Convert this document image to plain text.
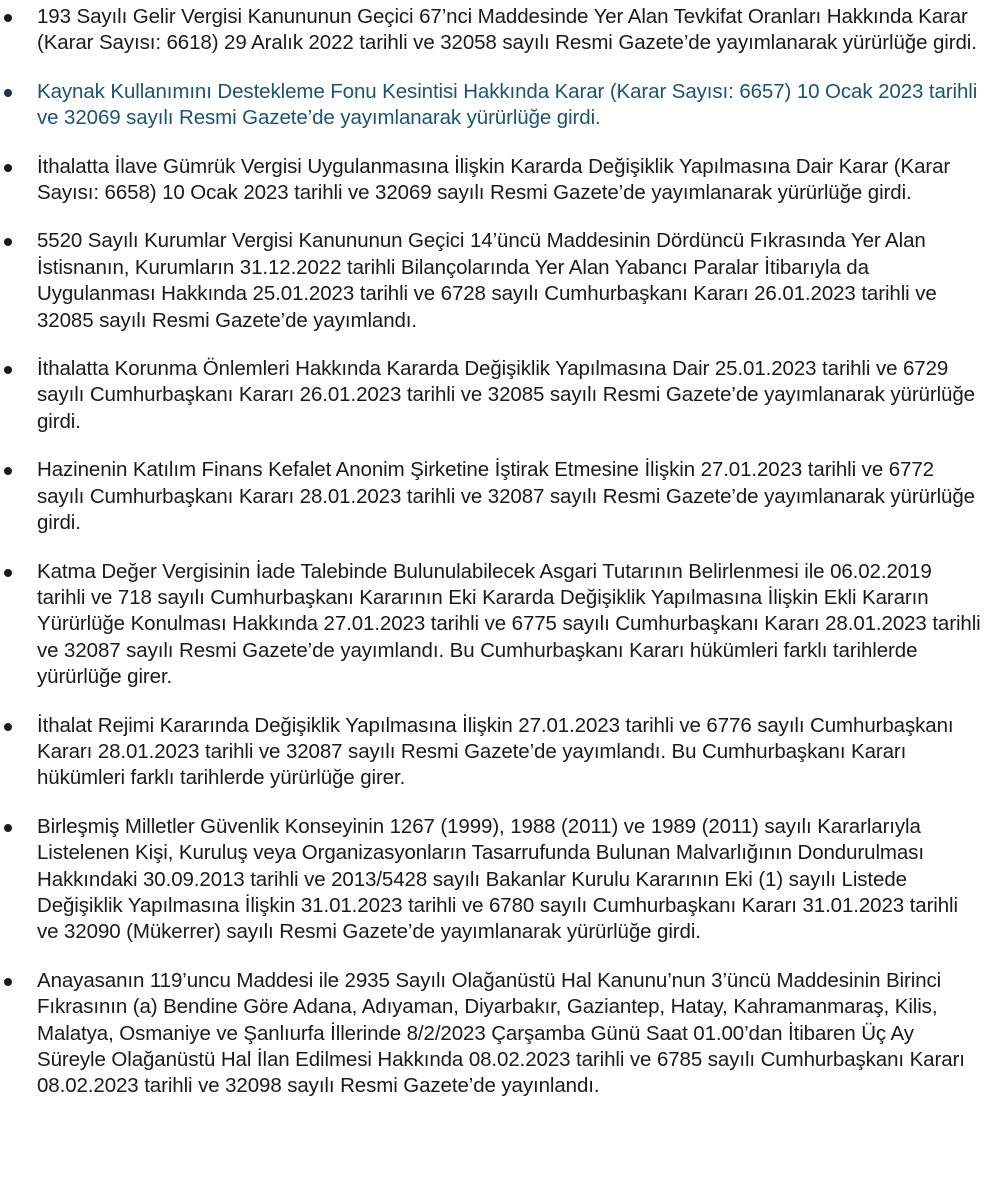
193 Sayılı Gelir Vergisi Kanununun Geçici 67’nci Maddesinde Yer Alan Tevkifat Oranları Hakkında Karar (Karar Sayısı: 6618) 29 Aralık 2022 tarihli ve 32058 sayılı Resmi Gazete’de yayımlanarak yürürlüğe girdi.
Kaynak Kullanımını Destekleme Fonu Kesintisi Hakkında Karar (Karar Sayısı: 6657) 10 Ocak 2023 tarihli ve 32069 sayılı Resmi Gazete’de yayımlanarak yürürlüğe girdi.
İthalatta İlave Gümrük Vergisi Uygulanmasına İlişkin Kararda Değişiklik Yapılmasına Dair Karar (Karar Sayısı: 6658) 10 Ocak 2023 tarihli ve 32069 sayılı Resmi Gazete’de yayımlanarak yürürlüğe girdi.
5520 Sayılı Kurumlar Vergisi Kanununun Geçici 14’üncü Maddesinin Dördüncü Fıkrasında Yer Alan İstisnanın, Kurumların 31.12.2022 tarihli Bilançolarında Yer Alan Yabancı Paralar İtibarıyla da Uygulanması Hakkında 25.01.2023 tarihli ve 6728 sayılı Cumhurbaşkanı Kararı 26.01.2023 tarihli ve 32085 sayılı Resmi Gazete’de yayımlandı.
İthalatta Korunma Önlemleri Hakkında Kararda Değişiklik Yapılmasına Dair 25.01.2023 tarihli ve 6729 sayılı Cumhurbaşkanı Kararı 26.01.2023 tarihli ve 32085 sayılı Resmi Gazete’de yayımlanarak yürürlüğe girdi.
Hazinenin Katılım Finans Kefalet Anonim Şirketine İştirak Etmesine İlişkin 27.01.2023 tarihli ve 6772 sayılı Cumhurbaşkanı Kararı 28.01.2023 tarihli ve 32087 sayılı Resmi Gazete’de yayımlanarak yürürlüğe girdi.
Katma Değer Vergisinin İade Talebinde Bulunulabilecek Asgari Tutarının Belirlenmesi ile 06.02.2019 tarihli ve 718 sayılı Cumhurbaşkanı Kararının Eki Kararda Değişiklik Yapılmasına İlişkin Ekli Kararın Yürürlüğe Konulması Hakkında 27.01.2023 tarihli ve 6775 sayılı Cumhurbaşkanı Kararı 28.01.2023 tarihli ve 32087 sayılı Resmi Gazete’de yayımlandı. Bu Cumhurbaşkanı Kararı hükümleri farklı tarihlerde yürürlüğe girer.
İthalat Rejimi Kararında Değişiklik Yapılmasına İlişkin 27.01.2023 tarihli ve 6776 sayılı Cumhurbaşkanı Kararı 28.01.2023 tarihli ve 32087 sayılı Resmi Gazete’de yayımlandı. Bu Cumhurbaşkanı Kararı hükümleri farklı tarihlerde yürürlüğe girer.
Birleşmiş Milletler Güvenlik Konseyinin 1267 (1999), 1988 (2011) ve 1989 (2011) sayılı Kararlarıyla Listelenen Kişi, Kuruluş veya Organizasyonların Tasarrufunda Bulunan Malvarlığının Dondurulması Hakkındaki 30.09.2013 tarihli ve 2013/5428 sayılı Bakanlar Kurulu Kararının Eki (1) sayılı Listede Değişiklik Yapılmasına İlişkin 31.01.2023 tarihli ve 6780 sayılı Cumhurbaşkanı Kararı 31.01.2023 tarihli ve 32090 (Mükerrer) sayılı Resmi Gazete’de yayımlanarak yürürlüğe girdi.
Anayasanın 119’uncu Maddesi ile 2935 Sayılı Olağanüstü Hal Kanunu’nun 3’üncü Maddesinin Birinci Fıkrasının (a) Bendine Göre Adana, Adıyaman, Diyarbakır, Gaziantep, Hatay, Kahramanmaraş, Kilis, Malatya, Osmaniye ve Şanlıurfa İllerinde 8/2/2023 Çarşamba Günü Saat 01.00’dan İtibaren Üç Ay Süreyle Olağanüstü Hal İlan Edilmesi Hakkında 08.02.2023 tarihli ve 6785 sayılı Cumhurbaşkanı Kararı 08.02.2023 tarihli ve 32098 sayılı Resmi Gazete’de yayınlandı.
